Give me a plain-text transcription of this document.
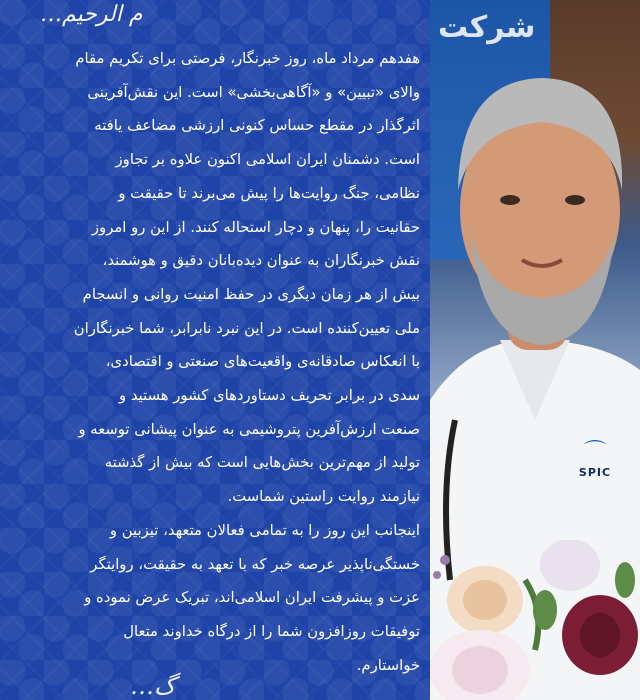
شرکت
⌒
SPIC
…م الرحيم
هفدهم مرداد ماه، روز خبرنگار، فرصتی برای تکریم مقام
والای «تبیین» و «آگاهی‌بخشی» است. این نقش‌آفرینی
اثرگذار در مقطع حساس کنونی ارزشی مضاعف یافته
است. دشمنان ایران اسلامی اکنون علاوه بر تجاوز
نظامی، جنگ روایت‌ها را پیش می‌برند تا حقیقت و
حقانیت را، پنهان و دچار استحاله کنند. از این رو امروز
نقش خبرنگاران به عنوان دیده‌بانان دقیق و هوشمند،
بیش از هر زمان دیگری در حفظ امنیت روانی و انسجام
ملی تعیین‌کننده است. در این نبرد نابرابر، شما خبرنگاران
با انعکاس صادقانه‌ی واقعیت‌های صنعتی و اقتصادی،
سدی در برابر تحریف دستاوردهای کشور هستید و
صنعت ارزش‌آفرین پتروشیمی به عنوان پیشانی توسعه و
تولید از مهم‌ترین بخش‌هایی است که بیش از گذشته
نیازمند روایت راستین شماست.
اینجانب این روز را به تمامی فعالان متعهد، تیزبین و
خستگی‌ناپذیر عرصه خبر که با تعهد به حقیقت، روایتگر
عزت و پیشرفت ایران اسلامی‌اند، تبریک عرض نموده و
توفیقات روزافزون شما را از درگاه خداوند متعال
خواستارم.
…گ
